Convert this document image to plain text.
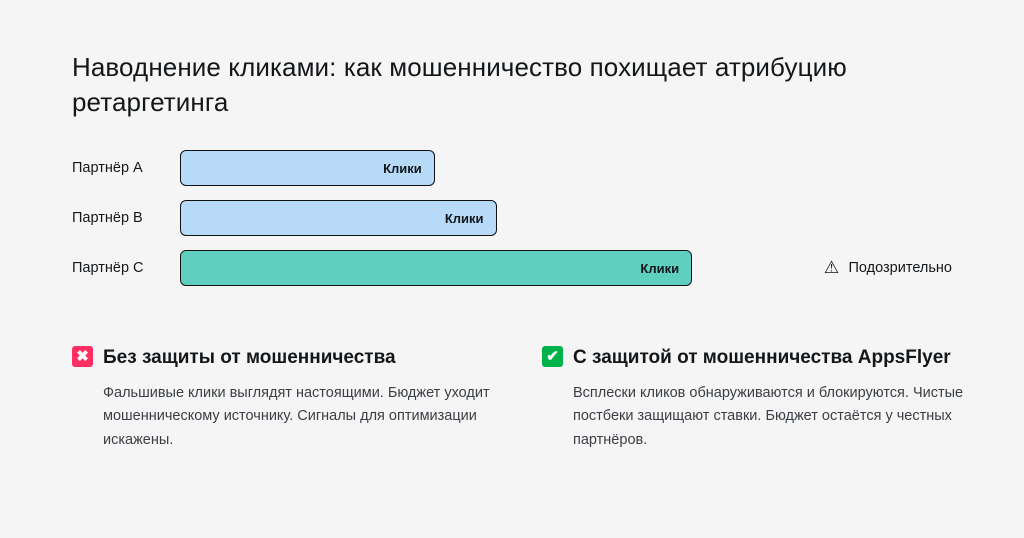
Наводнение кликами: как мошенничество похищает атрибуцию ретаргетинга
Партнёр A	Клики
Партнёр B	Клики
Партнёр C	Клики	⚠ Подозрительно
✖ Без защиты от мошенничества

Фальшивые клики выглядят настоящими. Бюджет уходит мошенническому источнику. Сигналы для оптимизации искажены.

✔ С защитой от мошенничества AppsFlyer

Всплески кликов обнаруживаются и блокируются. Чистые постбеки защищают ставки. Бюджет остаётся у честных партнёров.
